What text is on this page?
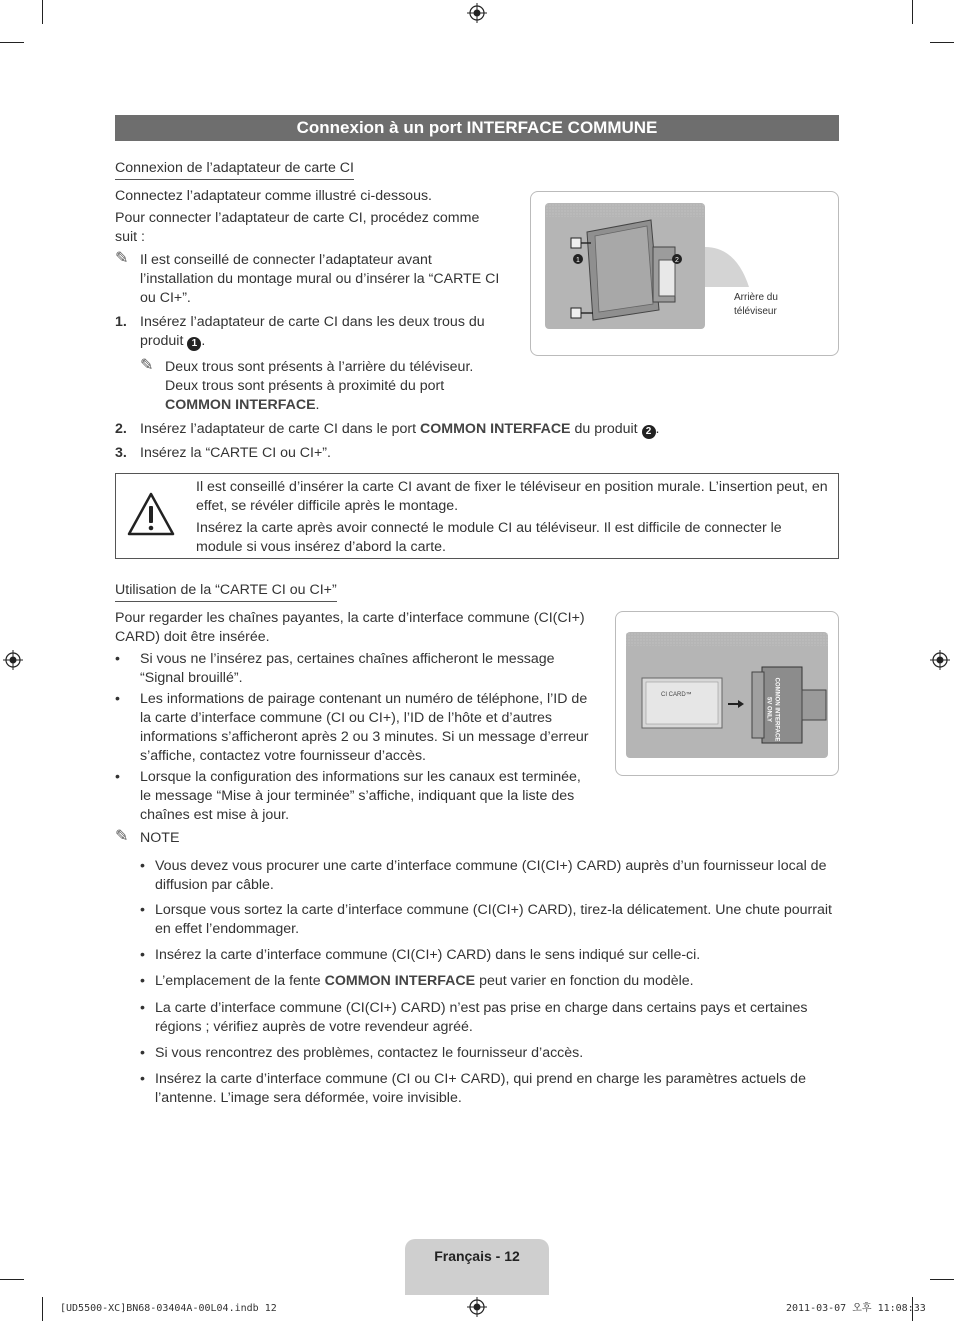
Connexion à un port INTERFACE COMMUNE
Connexion de l’adaptateur de carte CI
Connectez l’adaptateur comme illustré ci-dessous.
Pour connecter l’adaptateur de carte CI, procédez comme suit :
✎ Il est conseillé de connecter l’adaptateur avant l’installation du montage mural ou d’insérer la “CARTE CI ou CI+”.
1. Insérez l’adaptateur de carte CI dans les deux trous du produit 1 .
✎ Deux trous sont présents à l’arrière du téléviseur. Deux trous sont présents à proximité du port COMMON INTERFACE.
2. Insérez l’adaptateur de carte CI dans le port COMMON INTERFACE du produit 2 .
3. Insérez la “CARTE CI ou CI+”.
1	2
Arrière du téléviseur
Il est conseillé d’insérer la carte CI avant de fixer le téléviseur en position murale. L’insertion peut, en effet, se révéler difficile après le montage.
Insérez la carte après avoir connecté le module CI au téléviseur. Il est difficile de connecter le module si vous insérez d’abord la carte.
Utilisation de la “CARTE CI ou CI+”
Pour regarder les chaînes payantes, la carte d’interface commune (CI(CI+) CARD) doit être insérée.
• Si vous ne l’insérez pas, certaines chaînes afficheront le message “Signal brouillé”.
• Les informations de pairage contenant un numéro de téléphone, l’ID de la carte d’interface commune (CI ou CI+), l’ID de l’hôte et d’autres informations s’afficheront après 2 ou 3 minutes. Si un message d’erreur s’affiche, contactez votre fournisseur d’accès.
• Lorsque la configuration des informations sur les canaux est terminée, le message “Mise à jour terminée” s’affiche, indiquant que la liste des chaînes est mise à jour.
✎ NOTE
CI CARD™	COMMON INTERFACE
5V ONLY
• Vous devez vous procurer une carte d’interface commune (CI(CI+) CARD) auprès d’un fournisseur local de diffusion par câble.
• Lorsque vous sortez la carte d’interface commune (CI(CI+) CARD), tirez-la délicatement. Une chute pourrait en effet l’endommager.
• Insérez la carte d’interface commune (CI(CI+) CARD) dans le sens indiqué sur celle-ci.
• L’emplacement de la fente COMMON INTERFACE peut varier en fonction du modèle.
• La carte d’interface commune (CI(CI+) CARD) n’est pas prise en charge dans certains pays et certaines régions ; vérifiez auprès de votre revendeur agréé.
• Si vous rencontrez des problèmes, contactez le fournisseur d’accès.
• Insérez la carte d’interface commune (CI ou CI+ CARD), qui prend en charge les paramètres actuels de l’antenne. L’image sera déformée, voire invisible.
Français - 12
[UD5500-XC]BN68-03404A-00L04.indb 12	2011-03-07 오후 11:08:33
